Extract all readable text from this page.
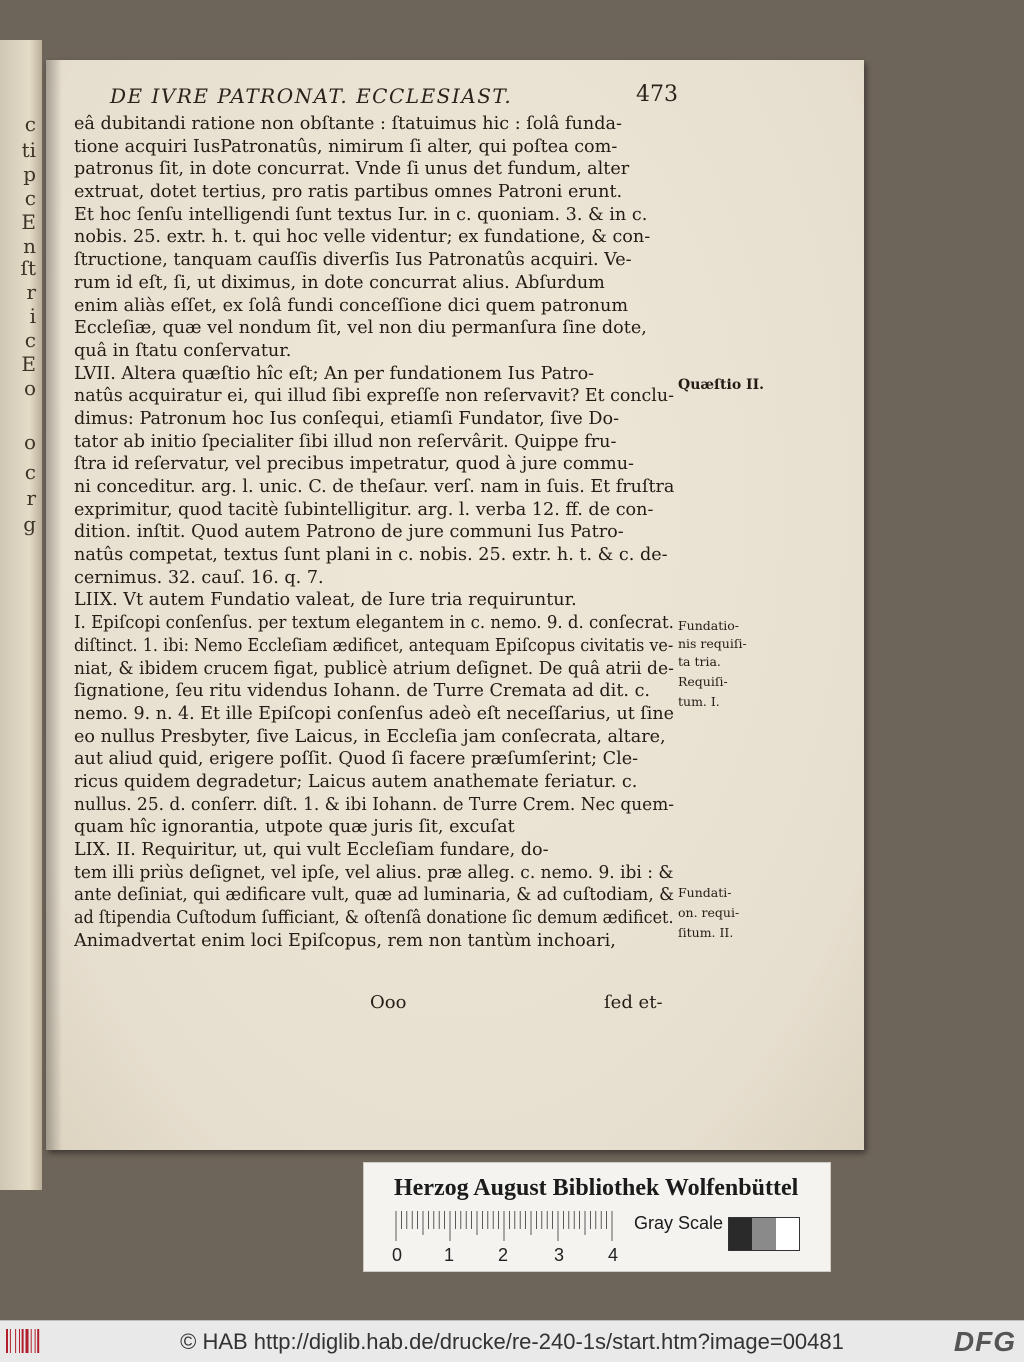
c
ti
p
c
E
n
ſt
r
i
c
E
o
o
c
r
g
DE IVRE PATRONAT. ECCLESIAST.	473
eâ dubitandi ratione non obſtante : ſtatuimus hic : ſolâ funda-
tione acquiri IusPatronatûs, nimirum ſi alter, qui poſtea com-
patronus ſit, in dote concurrat. Vnde ſi unus det fundum, alter
extruat, dotet tertius, pro ratis partibus omnes Patroni erunt.
Et hoc ſenſu intelligendi ſunt textus Iur. in c. quoniam. 3. & in c.
nobis. 25. extr. h. t. qui hoc velle videntur; ex fundatione, & con-
ſtructione, tanquam cauſſis diverſis Ius Patronatûs acquiri. Ve-
rum id eſt, ſi, ut diximus, in dote concurrat alius. Abſurdum
enim aliàs eſſet, ex ſolâ fundi conceſſione dici quem patronum
Eccleſiæ, quæ vel nondum ſit, vel non diu permanſura ſine dote,
quâ in ſtatu conſervatur.
LVII. Altera quæſtio hîc eſt; An per fundationem Ius Patro-
natûs acquiratur ei, qui illud ſibi expreſſe non reſervavit? Et conclu-
dimus: Patronum hoc Ius conſequi, etiamſi Fundator, ſive Do-
tator ab initio ſpecialiter ſibi illud non reſervârit. Quippe fru-
ſtra id reſervatur, vel precibus impetratur, quod à jure commu-
ni conceditur. arg. l. unic. C. de theſaur. verſ. nam in ſuis. Et fruſtra
exprimitur, quod tacitè ſubintelligitur. arg. l. verba 12. ff. de con-
dition. inſtit. Quod autem Patrono de jure communi Ius Patro-
natûs competat, textus ſunt plani in c. nobis. 25. extr. h. t. & c. de-
cernimus. 32. cauſ. 16. q. 7.
LIIX. Vt autem Fundatio valeat, de Iure tria requiruntur.
I. Epiſcopi conſenſus. per textum elegantem in c. nemo. 9. d. conſecrat.
diſtinct. 1. ibi: Nemo Eccleſiam ædificet, antequam Epiſcopus civitatis ve-
niat, & ibidem crucem figat, publicè atrium deſignet. De quâ atrii de-
ſignatione, ſeu ritu videndus Iohann. de Turre Cremata ad dit. c.
nemo. 9. n. 4. Et ille Epiſcopi conſenſus adeò eſt neceſſarius, ut ſine
eo nullus Presbyter, ſive Laicus, in Eccleſia jam conſecrata, altare,
aut aliud quid, erigere poſſit. Quod ſi facere præſumſerint; Cle-
ricus quidem degradetur; Laicus autem anathemate feriatur. c.
nullus. 25. d. conſerr. diſt. 1. & ibi Iohann. de Turre Crem. Nec quem-
quam hîc ignorantia, utpote quæ juris ſit, excuſat
LIX. II. Requiritur, ut, qui vult Eccleſiam fundare, do-
tem illi priùs deſignet, vel ipſe, vel alius. præ alleg. c. nemo. 9. ibi : &
ante deſiniat, qui ædificare vult, quæ ad luminaria, & ad cuſtodiam, &
ad ſtipendia Cuſtodum ſufficiant, & oſtenſâ donatione ſic demum ædificet.
Animadvertat enim loci Epiſcopus, rem non tantùm inchoari,
Quæſtio II.
Fundatio-
nis requiſi-
ta tria.
Requiſi-
tum. I.
Fundati-
on. requi-
ſitum. II.
Ooo	ſed et-
Herzog August Bibliothek Wolfenbüttel
0 1 2	3 4
Gray Scale
© HAB http://diglib.hab.de/drucke/re-240-1s/start.htm?image=00481	DFG
